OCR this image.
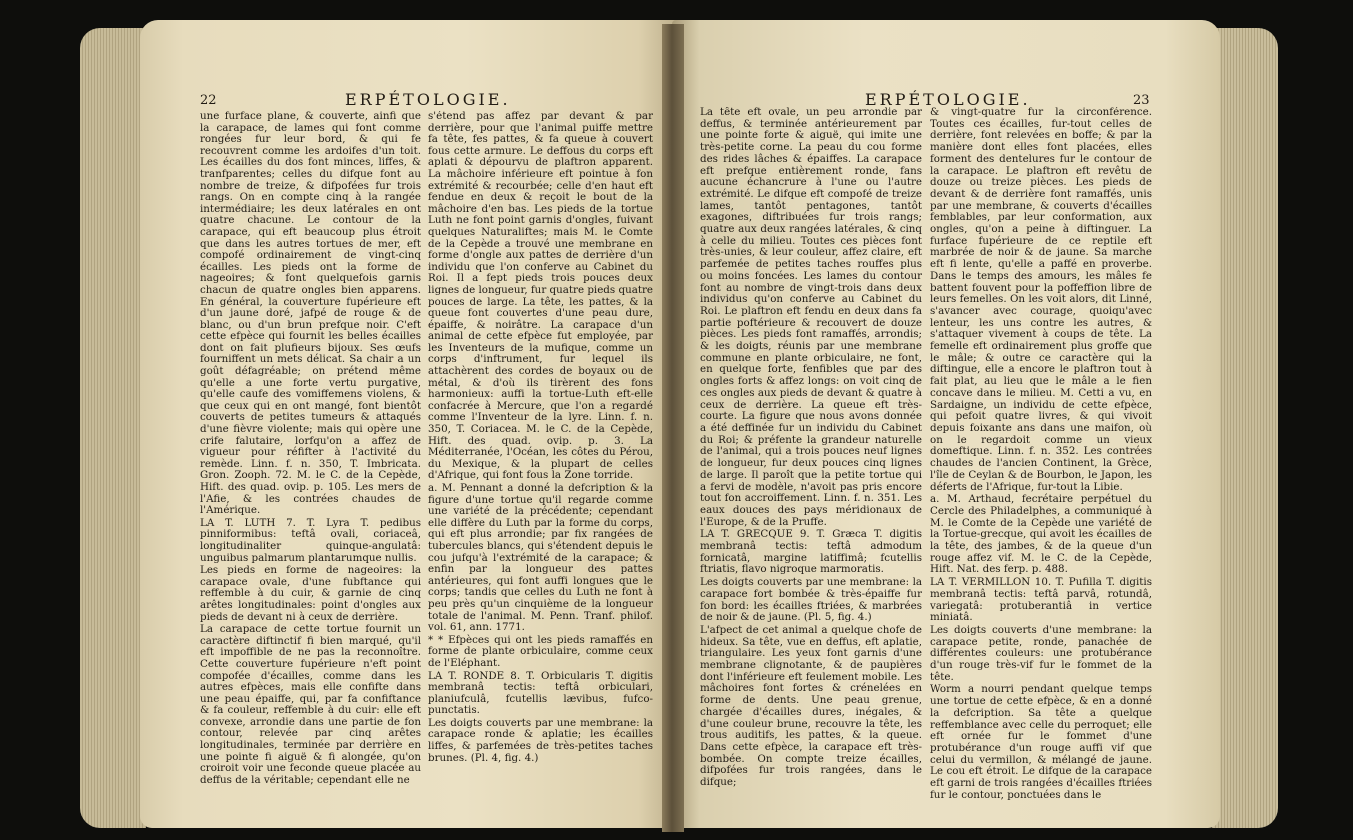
22	ERPÉTOLOGIE.

une furface plane, & couverte, ainfi que la carapace, de lames qui font comme rongées fur leur bord, & qui fe recouvrent comme les ardoifes d'un toit. Les écailles du dos font minces, liffes, & tranfparentes; celles du difque font au nombre de treize, & difpofées fur trois rangs. On en compte cinq à la rangée intermédiaire; les deux latérales en ont quatre chacune. Le contour de la carapace, qui eft beaucoup plus étroit que dans les autres tortues de mer, eft compofé ordinairement de vingt-cinq écailles. Les pieds ont la forme de nageoires; & font quelquefois garnis chacun de quatre ongles bien apparens. En général, la couverture fupérieure eft d'un jaune doré, jafpé de rouge & de blanc, ou d'un brun prefque noir. C'eft cette efpèce qui fournit les belles écailles dont on fait plufieurs bijoux. Ses œufs fourniffent un mets délicat. Sa chair a un goût défagréable; on prétend même qu'elle a une forte vertu purgative, qu'elle caufe des vomiffemens violens, & que ceux qui en ont mangé, font bientôt couverts de petites tumeurs & attaqués d'une fièvre violente; mais qui opère une crife falutaire, lorfqu'on a affez de vigueur pour réfifter à l'activité du remède. Linn. f. n. 350, T. Imbricata. Gron. Zooph. 72. M. le C. de la Cepède, Hift. des quad. ovip. p. 105. Les mers de l'Afie, & les contrées chaudes de l'Amérique.

LA T. LUTH 7. T. Lyra T. pedibus pinniformibus: teftâ ovali, coriaceâ, longitudinaliter quinque-angulatâ: unguibus palmarum plantarumque nullis.

Les pieds en forme de nageoires: la carapace ovale, d'une fubftance qui reffemble à du cuir, & garnie de cinq arêtes longitudinales: point d'ongles aux pieds de devant ni à ceux de derrière.

La carapace de cette tortue fournit un caractère diftinctif fi bien marqué, qu'il eft impoffible de ne pas la reconnoître. Cette couverture fupérieure n'eft point compofée d'écailles, comme dans les autres efpèces, mais elle confifte dans une peau épaiffe, qui, par fa confiftance & fa couleur, reffemble à du cuir: elle eft convexe, arrondie dans une partie de fon contour, relevée par cinq arêtes longitudinales, terminée par derrière en une pointe fi aiguë & fi alongée, qu'on croiroit voir une feconde queue placée au deffus de la véritable; cependant elle ne

s'étend pas affez par devant & par derrière, pour que l'animal puiffe mettre fa tête, fes pattes, & fa queue à couvert fous cette armure. Le deffous du corps eft aplati & dépourvu de plaftron apparent. La mâchoire inférieure eft pointue à fon extrémité & recourbée; celle d'en haut eft fendue en deux & reçoit le bout de la mâchoire d'en bas. Les pieds de la tortue Luth ne font point garnis d'ongles, fuivant quelques Naturaliftes; mais M. le Comte de la Cepède a trouvé une membrane en forme d'ongle aux pattes de derrière d'un individu que l'on conferve au Cabinet du Roi. Il a fept pieds trois pouces deux lignes de longueur, fur quatre pieds quatre pouces de large. La tête, les pattes, & la queue font couvertes d'une peau dure, épaiffe, & noirâtre. La carapace d'un animal de cette efpèce fut employée, par les Inventeurs de la mufique, comme un corps d'inftrument, fur lequel ils attachèrent des cordes de boyaux ou de métal, & d'où ils tirèrent des fons harmonieux: auffi la tortue-Luth eft-elle confacrée à Mercure, que l'on a regardé comme l'Inventeur de la lyre. Linn. f. n. 350, T. Coriacea. M. le C. de la Cepède, Hift. des quad. ovip. p. 3. La Méditerranée, l'Océan, les côtes du Pérou, du Mexique, & la plupart de celles d'Afrique, qui font fous la Zone torride.

a. M. Pennant a donné la defcription & la figure d'une tortue qu'il regarde comme une variété de la précédente; cependant elle diffère du Luth par la forme du corps, qui eft plus arrondie; par fix rangées de tubercules blancs, qui s'étendent depuis le cou jufqu'à l'extrémité de la carapace; & enfin par la longueur des pattes antérieures, qui font auffi longues que le corps; tandis que celles du Luth ne font à peu près qu'un cinquième de la longueur totale de l'animal. M. Penn. Tranf. philof. vol. 61, ann. 1771.

* * Efpèces qui ont les pieds ramaffés en forme de plante orbiculaire, comme ceux de l'Eléphant.

LA T. RONDE 8. T. Orbicularis T. digitis membranâ tectis: teftâ orbiculari, planiufculâ, fcutellis lævibus, fufco-punctatis.

Les doigts couverts par une membrane: la carapace ronde & aplatie; les écailles liffes, & parfemées de très-petites taches brunes. (Pl. 4, fig. 4.)

ERPÉTOLOGIE.	23

La tête eft ovale, un peu arrondie par deffus, & terminée antérieurement par une pointe forte & aiguë, qui imite une très-petite corne. La peau du cou forme des rides lâches & épaiffes. La carapace eft prefque entièrement ronde, fans aucune échancrure à l'une ou l'autre extrémité. Le difque eft compofé de treize lames, tantôt pentagones, tantôt exagones, diftribuées fur trois rangs; quatre aux deux rangées latérales, & cinq à celle du milieu. Toutes ces pièces font très-unies, & leur couleur, affez claire, eft parfemée de petites taches rouffes plus ou moins foncées. Les lames du contour font au nombre de vingt-trois dans deux individus qu'on conferve au Cabinet du Roi. Le plaftron eft fendu en deux dans fa partie poftérieure & recouvert de douze pièces. Les pieds font ramaffés, arrondis; & les doigts, réunis par une membrane commune en plante orbiculaire, ne font, en quelque forte, fenfibles que par des ongles forts & affez longs: on voit cinq de ces ongles aux pieds de devant & quatre à ceux de derrière. La queue eft très-courte. La figure que nous avons donnée a été deffinée fur un individu du Cabinet du Roi; & préfente la grandeur naturelle de l'animal, qui a trois pouces neuf lignes de longueur, fur deux pouces cinq lignes de large. Il paroît que la petite tortue qui a fervi de modèle, n'avoit pas pris encore tout fon accroiffement. Linn. f. n. 351. Les eaux douces des pays méridionaux de l'Europe, & de la Pruffe.

LA T. GRECQUE 9. T. Græca T. digitis membranâ tectis: teftâ admodum fornicatâ, margine latiffimâ; fcutellis ftriatis, flavo nigroque marmoratis.

Les doigts couverts par une membrane: la carapace fort bombée & très-épaiffe fur fon bord: les écailles ftriées, & marbrées de noir & de jaune. (Pl. 5, fig. 4.)

L'afpect de cet animal a quelque chofe de hideux. Sa tête, vue en deffus, eft aplatie, triangulaire. Les yeux font garnis d'une membrane clignotante, & de paupières dont l'inférieure eft feulement mobile. Les mâchoires font fortes & crénelées en forme de dents. Une peau grenue, chargée d'écailles dures, inégales, & d'une couleur brune, recouvre la tête, les trous auditifs, les pattes, & la queue. Dans cette efpèce, la carapace eft très-bombée. On compte treize écailles, difpofées fur trois rangées, dans le difque;

& vingt-quatre fur la circonférence. Toutes ces écailles, fur-tout celles de derrière, font relevées en boffe; & par la manière dont elles font placées, elles forment des dentelures fur le contour de la carapace. Le plaftron eft revêtu de douze ou treize pièces. Les pieds de devant & de derrière font ramaffés, unis par une membrane, & couverts d'écailles femblables, par leur conformation, aux ongles, qu'on a peine à diftinguer. La furface fupérieure de ce reptile eft marbrée de noir & de jaune. Sa marche eft fi lente, qu'elle a paffé en proverbe. Dans le temps des amours, les mâles fe battent fouvent pour la poffeffion libre de leurs femelles. On les voit alors, dit Linné, s'avancer avec courage, quoiqu'avec lenteur, les uns contre les autres, & s'attaquer vivement à coups de tête. La femelle eft ordinairement plus groffe que le mâle; & outre ce caractère qui la diftingue, elle a encore le plaftron tout à fait plat, au lieu que le mâle a le fien concave dans le milieu. M. Cetti a vu, en Sardaigne, un individu de cette efpèce, qui pefoit quatre livres, & qui vivoit depuis foixante ans dans une maifon, où on le regardoit comme un vieux domeftique. Linn. f. n. 352. Les contrées chaudes de l'ancien Continent, la Grèce, l'île de Ceylan & de Bourbon, le Japon, les déferts de l'Afrique, fur-tout la Libie.

a. M. Arthaud, fecrétaire perpétuel du Cercle des Philadelphes, a communiqué à M. le Comte de la Cepède une variété de la Tortue-grecque, qui avoit les écailles de la tête, des jambes, & de la queue d'un rouge affez vif. M. le C. de la Cepède, Hift. Nat. des ferp. p. 488.

LA T. VERMILLON 10. T. Pufilla T. digitis membranâ tectis: teftâ parvâ, rotundâ, variegatâ: protuberantiâ in vertice miniatâ.

Les doigts couverts d'une membrane: la carapace petite, ronde, panachée de différentes couleurs: une protubérance d'un rouge très-vif fur le fommet de la tête.

Worm a nourri pendant quelque temps une tortue de cette efpèce, & en a donné la defcription. Sa tête a quelque reffemblance avec celle du perroquet; elle eft ornée fur le fommet d'une protubérance d'un rouge auffi vif que celui du vermillon, & mélangé de jaune. Le cou eft étroit. Le difque de la carapace eft garni de trois rangées d'écailles ftriées fur le contour, ponctuées dans le
